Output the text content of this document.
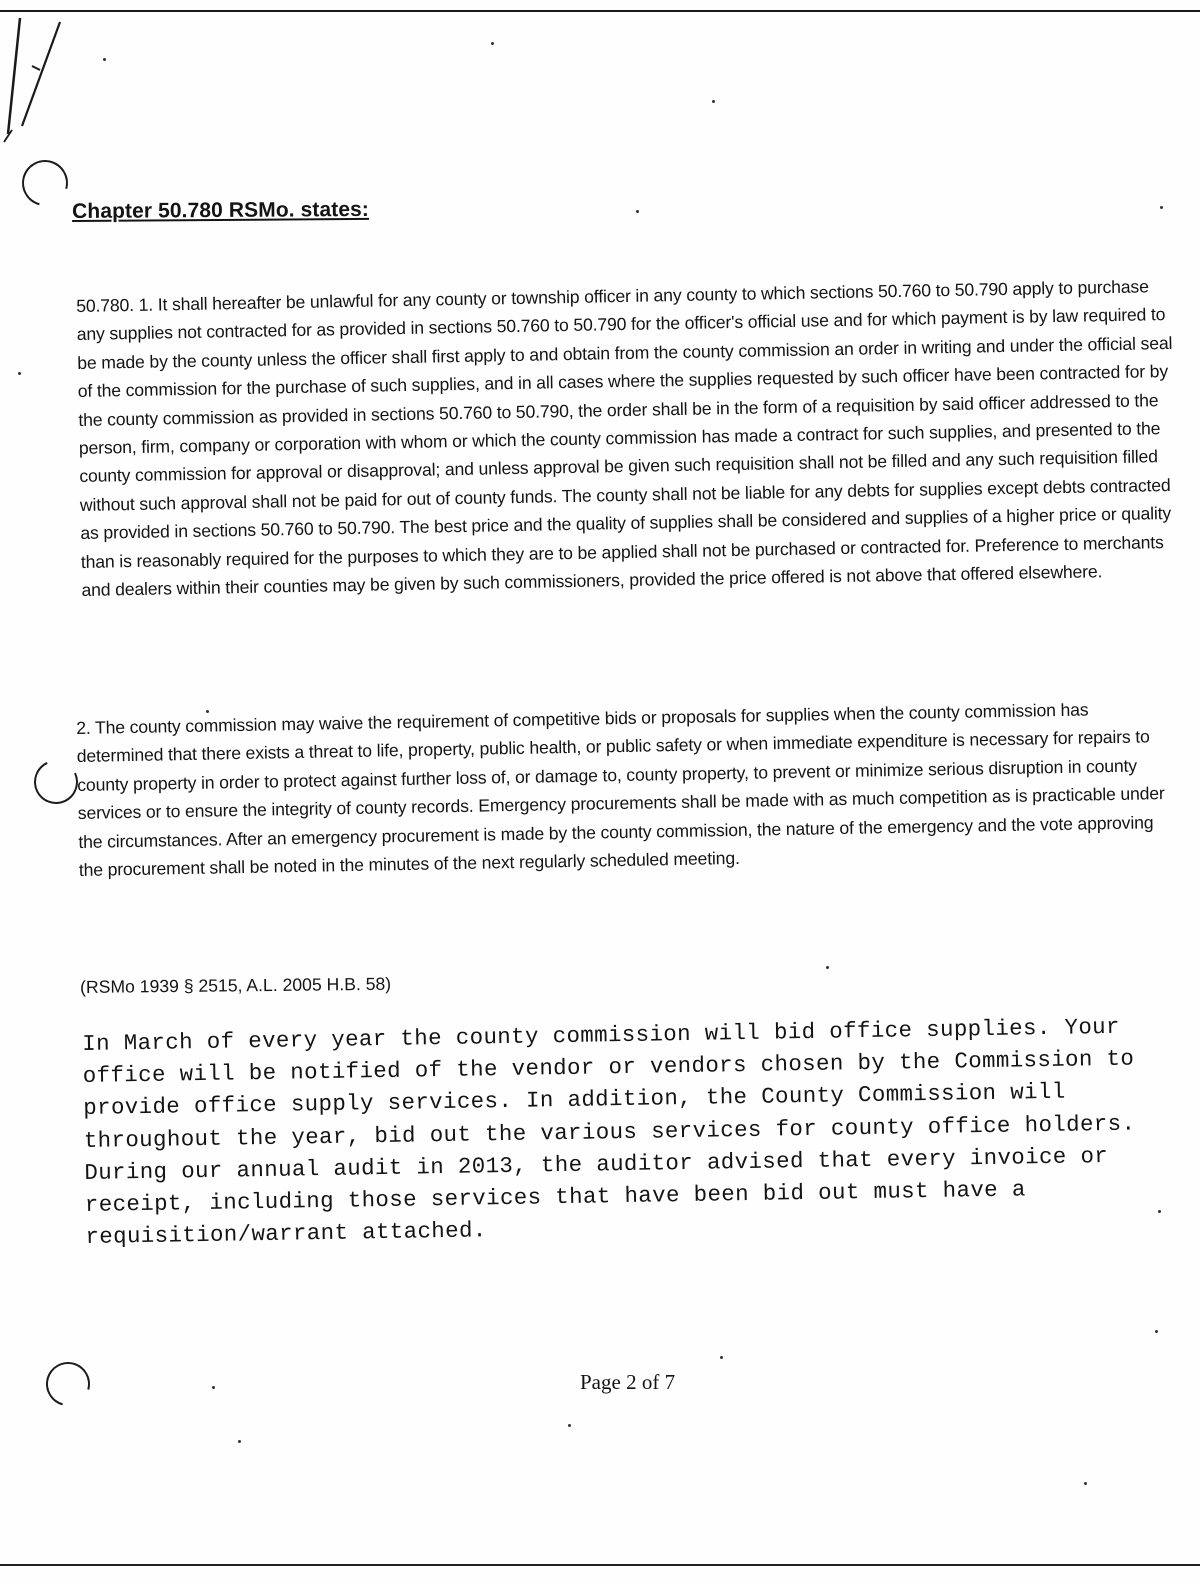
Chapter 50.780 RSMo. states:

50.780. 1. It shall hereafter be unlawful for any county or township officer in any county to which sections 50.760 to 50.790 apply to purchase any supplies not contracted for as provided in sections 50.760 to 50.790 for the officer's official use and for which payment is by law required to be made by the county unless the officer shall first apply to and obtain from the county commission an order in writing and under the official seal of the commission for the purchase of such supplies, and in all cases where the supplies requested by such officer have been contracted for by the county commission as provided in sections 50.760 to 50.790, the order shall be in the form of a requisition by said officer addressed to the person, firm, company or corporation with whom or which the county commission has made a contract for such supplies, and presented to the county commission for approval or disapproval; and unless approval be given such requisition shall not be filled and any such requisition filled without such approval shall not be paid for out of county funds. The county shall not be liable for any debts for supplies except debts contracted as provided in sections 50.760 to 50.790. The best price and the quality of supplies shall be considered and supplies of a higher price or quality than is reasonably required for the purposes to which they are to be applied shall not be purchased or contracted for. Preference to merchants and dealers within their counties may be given by such commissioners, provided the price offered is not above that offered elsewhere.

2. The county commission may waive the requirement of competitive bids or proposals for supplies when the county commission has determined that there exists a threat to life, property, public health, or public safety or when immediate expenditure is necessary for repairs to county property in order to protect against further loss of, or damage to, county property, to prevent or minimize serious disruption in county services or to ensure the integrity of county records. Emergency procurements shall be made with as much competition as is practicable under the circumstances. After an emergency procurement is made by the county commission, the nature of the emergency and the vote approving the procurement shall be noted in the minutes of the next regularly scheduled meeting.

(RSMo 1939 § 2515, A.L. 2005 H.B. 58)

In March of every year the county commission will bid office supplies. Your office will be notified of the vendor or vendors chosen by the Commission to provide office supply services. In addition, the County Commission will throughout the year, bid out the various services for county office holders. During our annual audit in 2013, the auditor advised that every invoice or receipt, including those services that have been bid out must have a requisition/warrant attached.

Page 2 of 7
